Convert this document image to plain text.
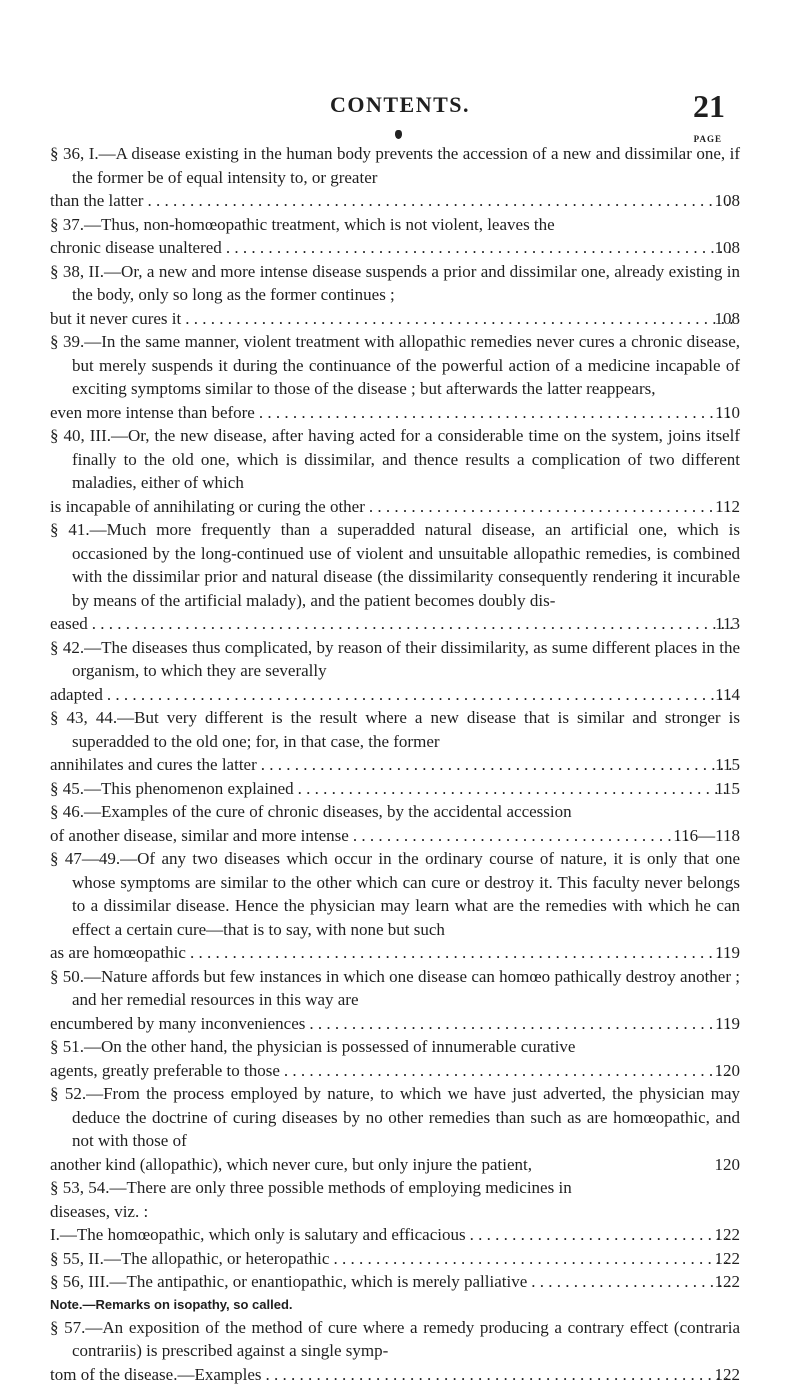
CONTENTS.	21
PAGE
§ 36, I.—A disease existing in the human body prevents the accession of a new and dissimilar one, if the former be of equal intensity to, or greater
than the latter . . .	108
§ 37.—Thus, non-homœopathic treatment, which is not violent, leaves the
chronic disease unaltered . . .	108
§ 38, II.—Or, a new and more intense disease suspends a prior and dissimilar one, already existing in the body, only so long as the former continues ;
but it never cures it . . .	108
§ 39.—In the same manner, violent treatment with allopathic remedies never cures a chronic disease, but merely suspends it during the continuance of the powerful action of a medicine incapable of exciting symptoms similar to those of the disease ; but afterwards the latter reappears,
even more intense than before . . .	110
§ 40, III.—Or, the new disease, after having acted for a considerable time on the system, joins itself finally to the old one, which is dissimilar, and thence results a complication of two different maladies, either of which
is incapable of annihilating or curing the other . . .	112
§ 41.—Much more frequently than a superadded natural disease, an artificial one, which is occasioned by the long-continued use of violent and unsuitable allopathic remedies, is combined with the dissimilar prior and natural disease (the dissimilarity consequently rendering it incurable by means of the artificial malady), and the patient becomes doubly dis-
eased . . .	113
§ 42.—The diseases thus complicated, by reason of their dissimilarity, as sume different places in the organism, to which they are severally
adapted . . .	114
§ 43, 44.—But very different is the result where a new disease that is similar and stronger is superadded to the old one; for, in that case, the former
annihilates and cures the latter . . .	115
§ 45.—This phenomenon explained . . .	115
§ 46.—Examples of the cure of chronic diseases, by the accidental accession
of another disease, similar and more intense . . .	116—118
§ 47—49.—Of any two diseases which occur in the ordinary course of nature, it is only that one whose symptoms are similar to the other which can cure or destroy it. This faculty never belongs to a dissimilar disease. Hence the physician may learn what are the remedies with which he can effect a certain cure—that is to say, with none but such
as are homœopathic . . .	119
§ 50.—Nature affords but few instances in which one disease can homœo pathically destroy another ; and her remedial resources in this way are
encumbered by many inconveniences . . .	119
§ 51.—On the other hand, the physician is possessed of innumerable curative
agents, greatly preferable to those . . .	120
§ 52.—From the process employed by nature, to which we have just adverted, the physician may deduce the doctrine of curing diseases by no other remedies than such as are homœopathic, and not with those of
another kind (allopathic), which never cure, but only injure the patient,	120
§ 53, 54.—There are only three possible methods of employing medicines in
diseases, viz. :
I.—The homœopathic, which only is salutary and efficacious . . .	122
§ 55, II.—The allopathic, or heteropathic . . .	122
§ 56, III.—The antipathic, or enantiopathic, which is merely palliative . . .	122

Note.—Remarks on isopathy, so called.

§ 57.—An exposition of the method of cure where a remedy producing a contrary effect (contraria contrariis) is prescribed against a single symp-
tom of the disease.—Examples . . .	122
